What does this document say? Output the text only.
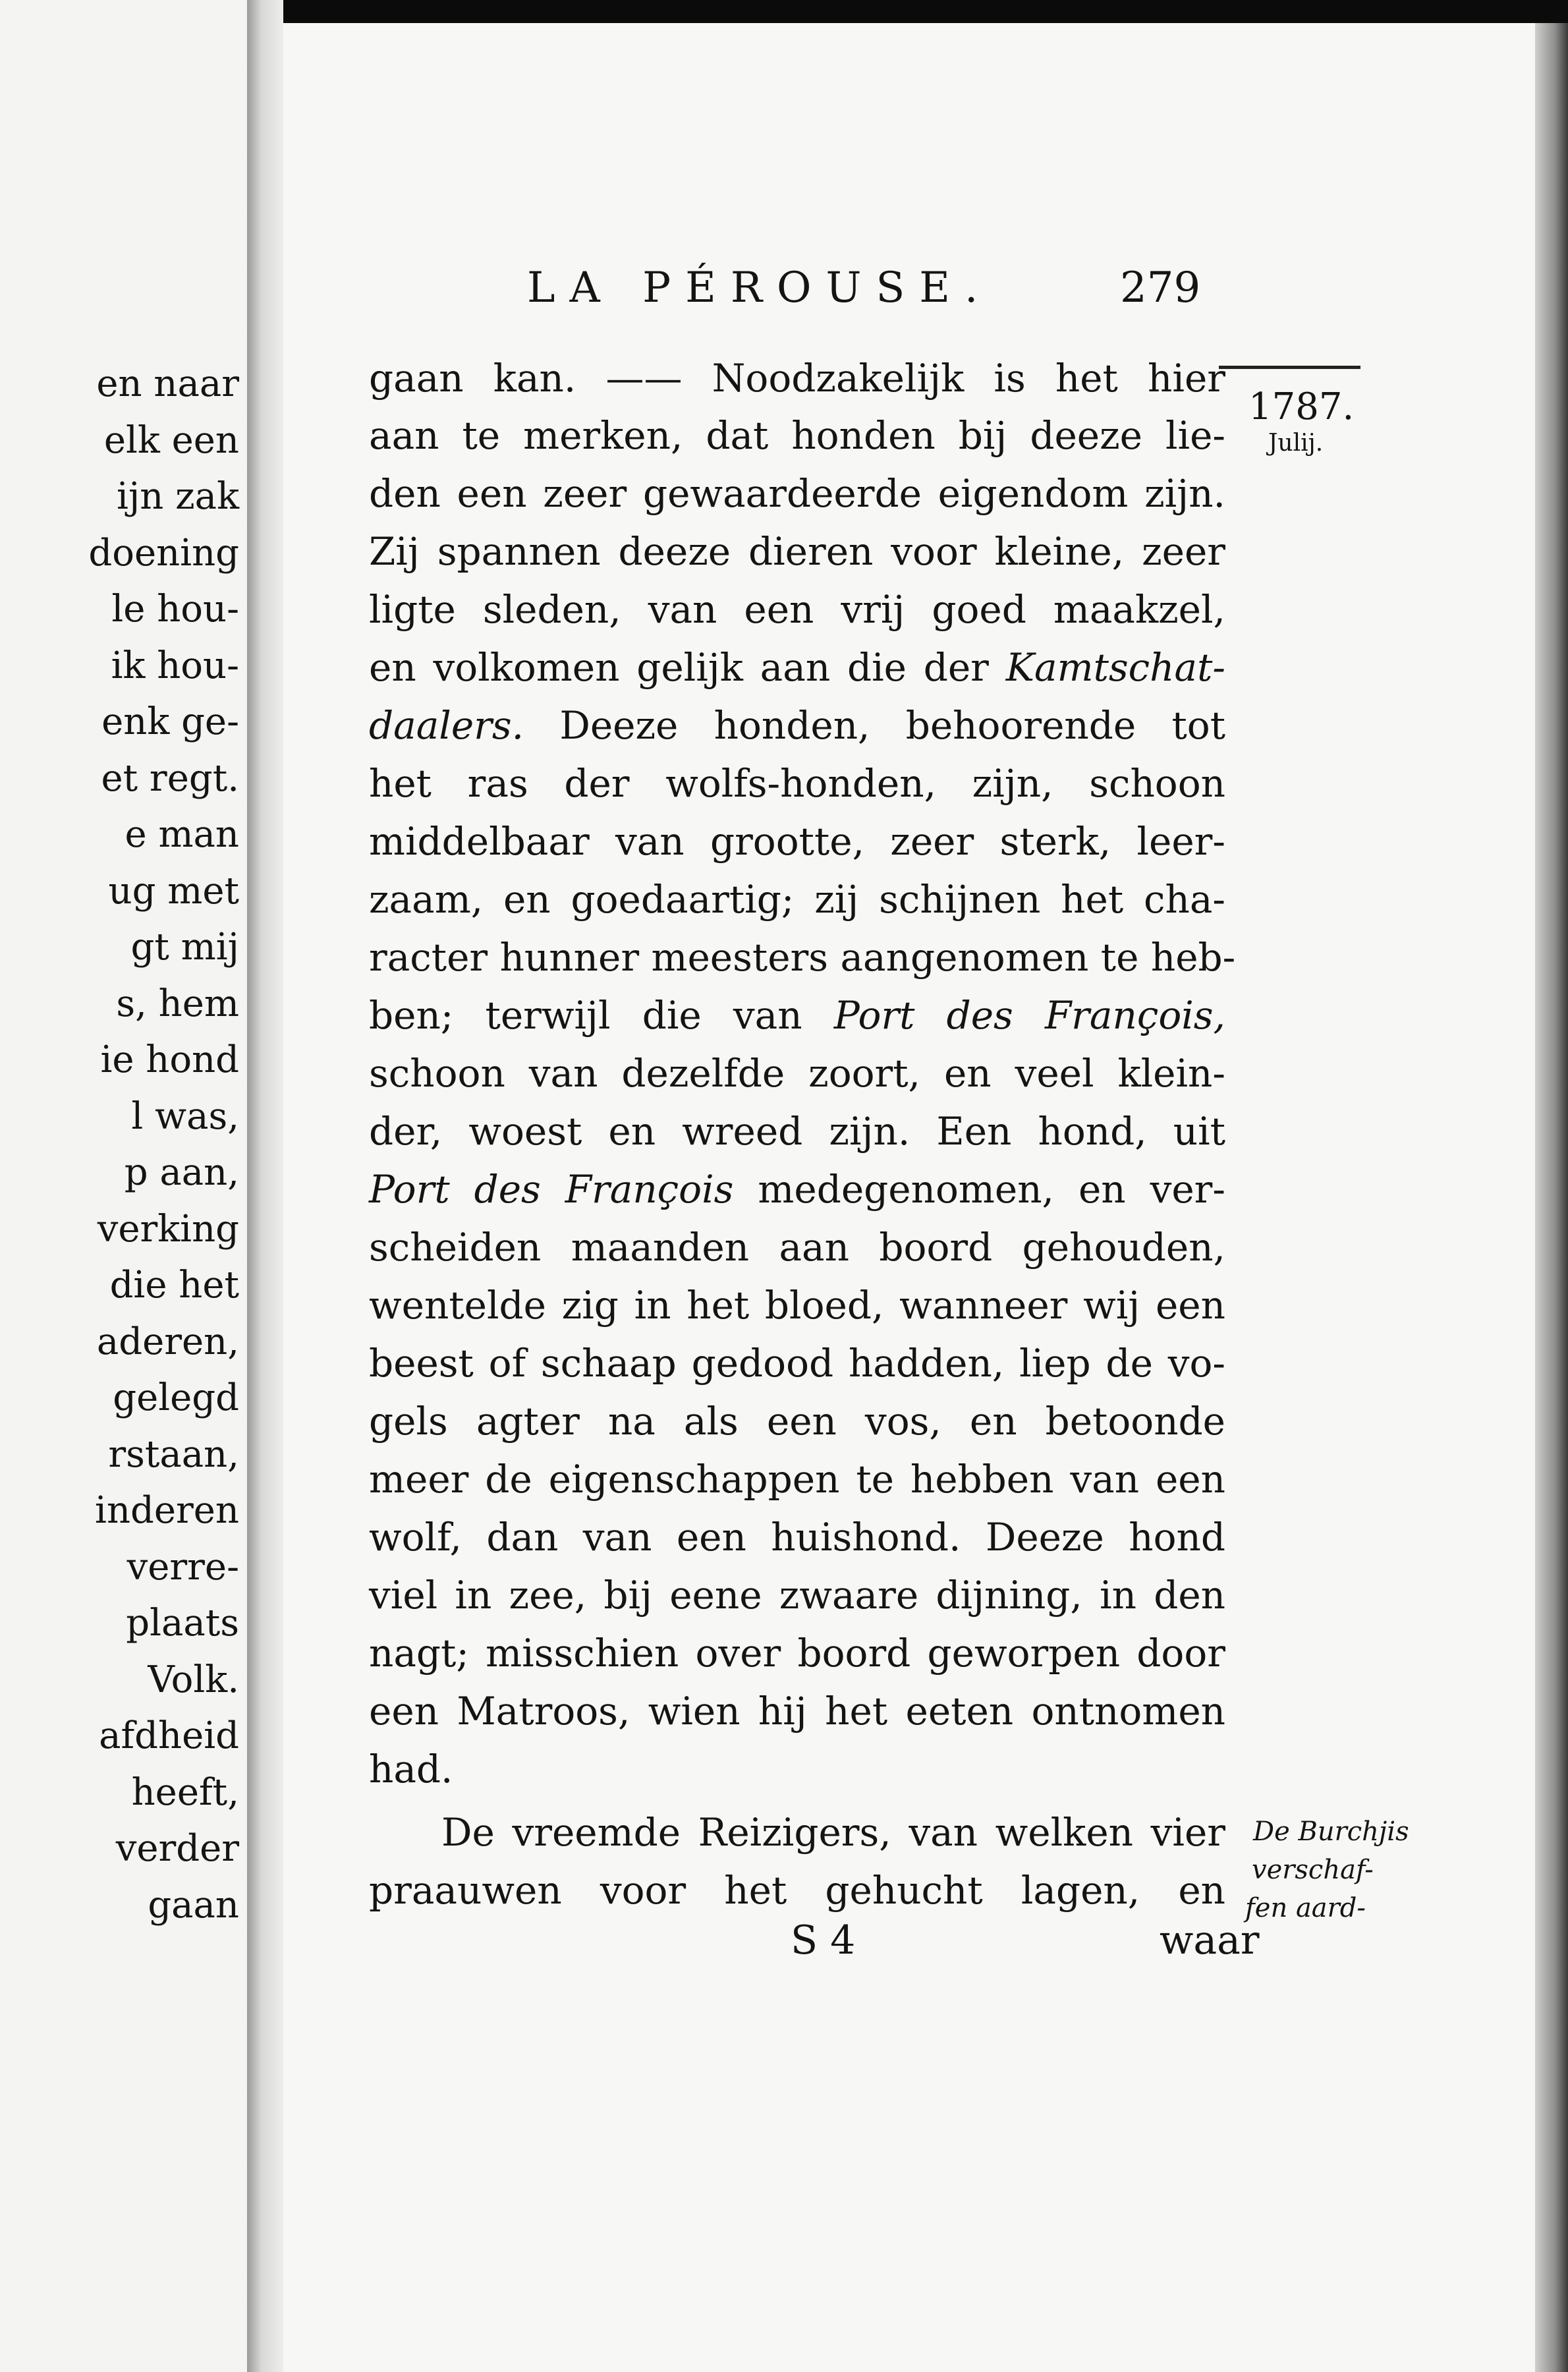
en naar
elk een
ijn zak
doening
le hou-
ik hou-
enk ge-
et regt.
e man
ug met
gt mij
s, hem
ie hond
l was,
p aan,
verking
die het
aderen,
gelegd
rstaan,
inderen
verre-
plaats
Volk.
afdheid
heeft,
verder
gaan
LA PÉROUSE.	279
1787.
Julij.
gaan kan. —— Noodzakelijk is het hier
aan te merken, dat honden bij deeze lie-
den een zeer gewaardeerde eigendom zijn.
Zij spannen deeze dieren voor kleine, zeer
ligte sleden, van een vrij goed maakzel,
en volkomen gelijk aan die der Kamtschat-
daalers. Deeze honden, behoorende tot
het ras der wolfs-honden, zijn, schoon
middelbaar van grootte, zeer sterk, leer-
zaam, en goedaartig; zij schijnen het cha-
racter hunner meesters aangenomen te heb-
ben; terwijl die van Port des François,
schoon van dezelfde zoort, en veel klein-
der, woest en wreed zijn. Een hond, uit
Port des François medegenomen, en ver-
scheiden maanden aan boord gehouden,
wentelde zig in het bloed, wanneer wij een
beest of schaap gedood hadden, liep de vo-
gels agter na als een vos, en betoonde
meer de eigenschappen te hebben van een
wolf, dan van een huishond. Deeze hond
viel in zee, bij eene zwaare dijning, in den
nagt; misschien over boord geworpen door
een Matroos, wien hij het eeten ontnomen
had.
De vreemde Reizigers, van welken vier
praauwen voor het gehucht lagen, en
De Burchjis
verschaf-
fen aard-
S 4	waar
